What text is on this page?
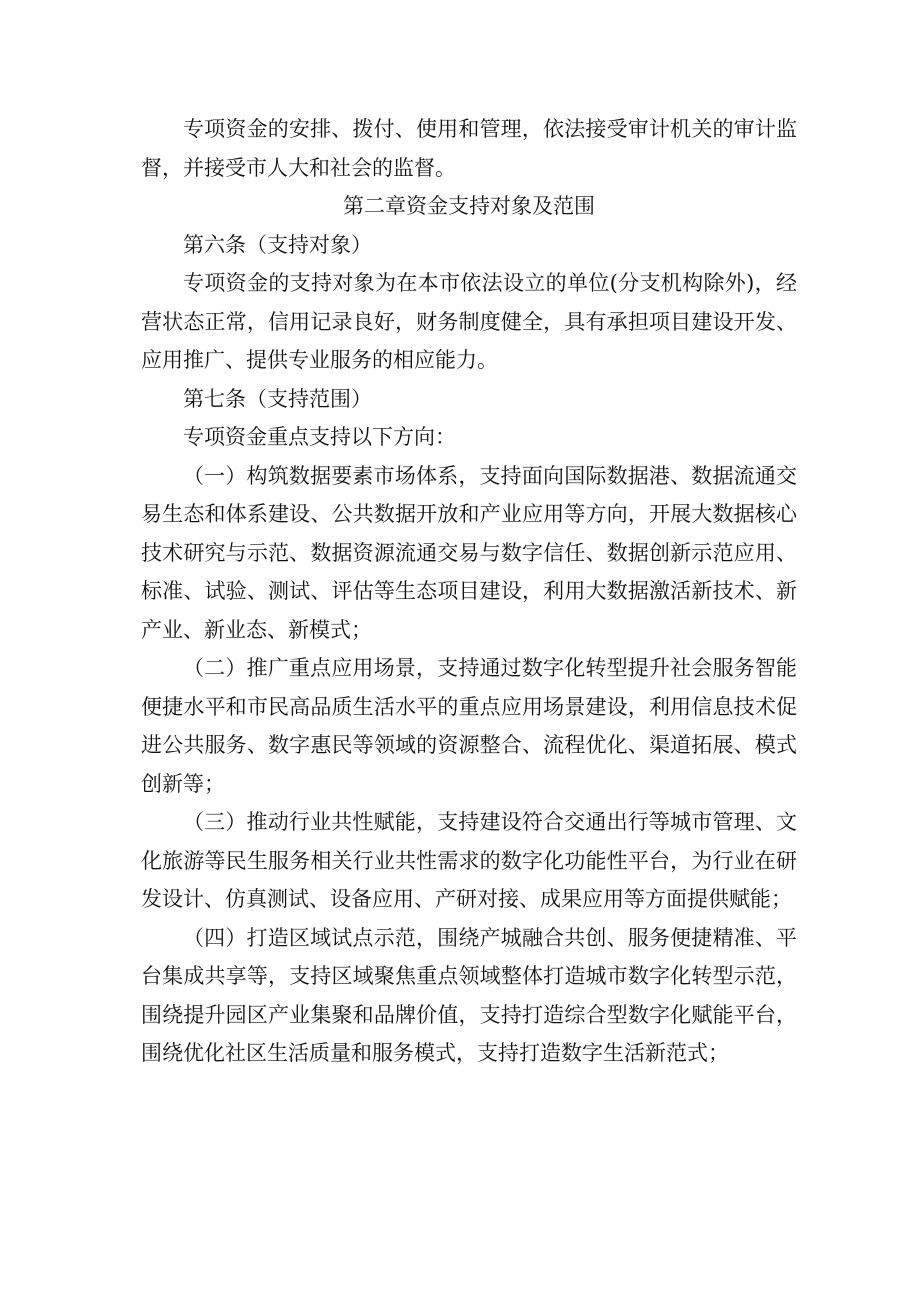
专项资金的安排、拨付、使用和管理，依法接受审计机关的审计监督，并接受市人大和社会的监督。

第二章资金支持对象及范围

第六条（支持对象）

专项资金的支持对象为在本市依法设立的单位(分支机构除外)，经营状态正常，信用记录良好，财务制度健全，具有承担项目建设开发、应用推广、提供专业服务的相应能力。

第七条（支持范围）

专项资金重点支持以下方向：

（一）构筑数据要素市场体系，支持面向国际数据港、数据流通交易生态和体系建设、公共数据开放和产业应用等方向，开展大数据核心技术研究与示范、数据资源流通交易与数字信任、数据创新示范应用、标准、试验、测试、评估等生态项目建设，利用大数据激活新技术、新产业、新业态、新模式；

（二）推广重点应用场景，支持通过数字化转型提升社会服务智能便捷水平和市民高品质生活水平的重点应用场景建设，利用信息技术促进公共服务、数字惠民等领域的资源整合、流程优化、渠道拓展、模式创新等；

（三）推动行业共性赋能，支持建设符合交通出行等城市管理、文化旅游等民生服务相关行业共性需求的数字化功能性平台，为行业在研发设计、仿真测试、设备应用、产研对接、成果应用等方面提供赋能；

（四）打造区域试点示范，围绕产城融合共创、服务便捷精准、平台集成共享等，支持区域聚焦重点领域整体打造城市数字化转型示范，围绕提升园区产业集聚和品牌价值，支持打造综合型数字化赋能平台，围绕优化社区生活质量和服务模式，支持打造数字生活新范式；
